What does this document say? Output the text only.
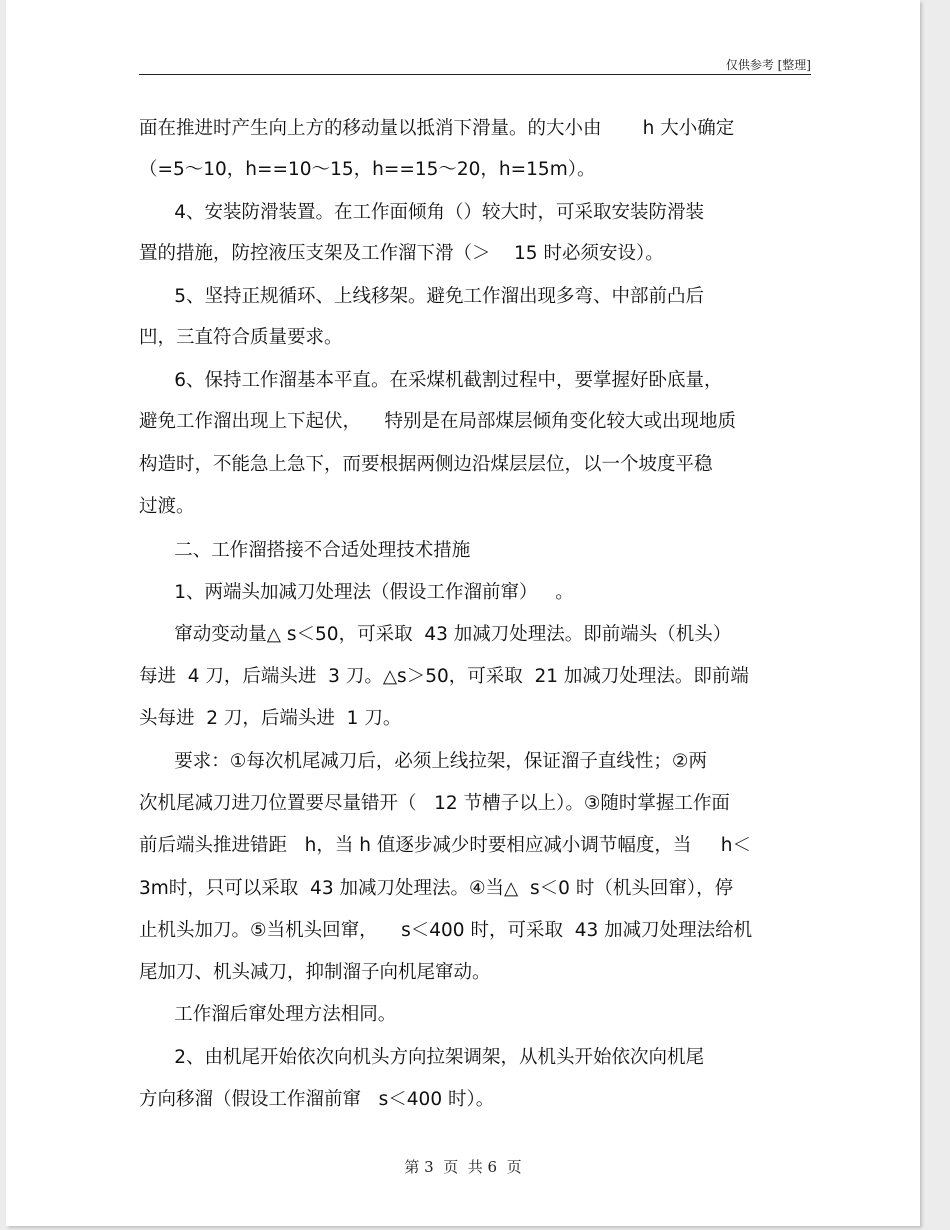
仅供参考 [整理]
面在推进时产生向上方的移动量以抵消下滑量。的大小由       h 大小确定
（=5～10，h==10～15，h==15～20，h=15m）。
4、安装防滑装置。在工作面倾角（）较大时，可采取安装防滑装
置的措施，防控液压支架及工作溜下滑（＞    15 时必须安设）。
5、坚持正规循环、上线移架。避免工作溜出现多弯、中部前凸后
凹，三直符合质量要求。
6、保持工作溜基本平直。在采煤机截割过程中，要掌握好卧底量，
避免工作溜出现上下起伏，    特别是在局部煤层倾角变化较大或出现地质
构造时，不能急上急下，而要根据两侧边沿煤层层位，以一个坡度平稳
过渡。
二、工作溜搭接不合适处理技术措施
1、两端头加减刀处理法（假设工作溜前窜）   。
窜动变动量△ s＜50，可采取  43 加减刀处理法。即前端头（机头）
每进  4 刀，后端头进  3 刀。△s＞50，可采取  21 加减刀处理法。即前端
头每进  2 刀，后端头进  1 刀。
要求：①每次机尾减刀后，必须上线拉架，保证溜子直线性；②两
次机尾减刀进刀位置要尽量错开（   12 节槽子以上）。③随时掌握工作面
前后端头推进错距   h，当 h 值逐步减少时要相应减小调节幅度，当     h＜
3m时，只可以采取  43 加减刀处理法。④当△  s＜0 时（机头回窜），停
止机头加刀。⑤当机头回窜，    s＜400 时，可采取  43 加减刀处理法给机
尾加刀、机头减刀，抑制溜子向机尾窜动。
工作溜后窜处理方法相同。
2、由机尾开始依次向机头方向拉架调架，从机头开始依次向机尾
方向移溜（假设工作溜前窜   s＜400 时）。
第 3  页  共 6  页
